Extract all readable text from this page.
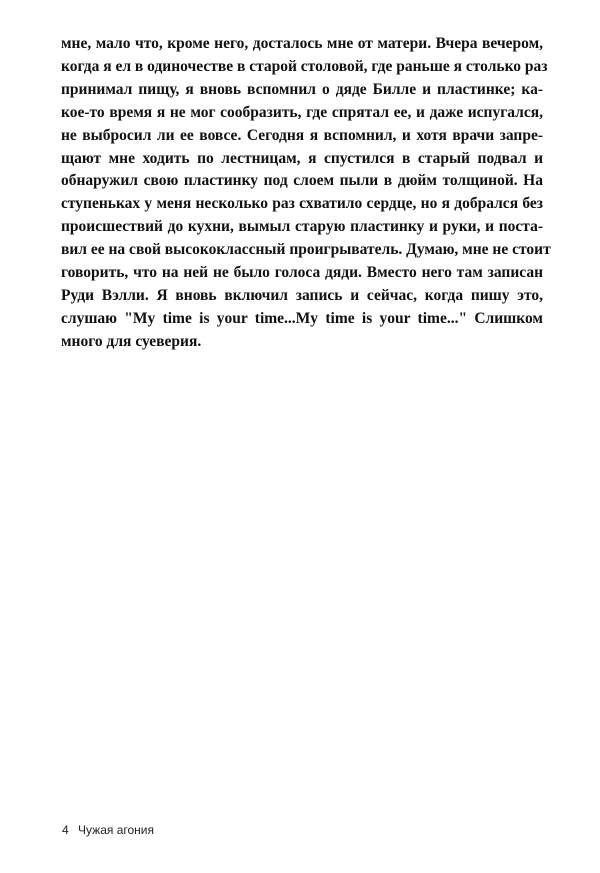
мне, мало что, кроме него, досталось мне от матери. Вчера вечером,
когда я ел в одиночестве в старой столовой, где раньше я столько раз
принимал пищу, я вновь вспомнил о дяде Билле и пластинке; ка-
кое-то время я не мог сообразить, где спрятал ее, и даже испугался,
не выбросил ли ее вовсе. Сегодня я вспомнил, и хотя врачи запре-
щают мне ходить по лестницам, я спустился в старый подвал и
обнаружил свою пластинку под слоем пыли в дюйм толщиной. На
ступеньках у меня несколько раз схватило сердце, но я добрался без
происшествий до кухни, вымыл старую пластинку и руки, и поста-
вил ее на свой высококлассный проигрыватель. Думаю, мне не стоит
говорить, что на ней не было голоса дяди. Вместо него там записан
Руди Вэлли. Я вновь включил запись и сейчас, когда пишу это,
слушаю "My time is your time...My time is your time..." Слишком
много для суеверия.
4 Чужая агония
